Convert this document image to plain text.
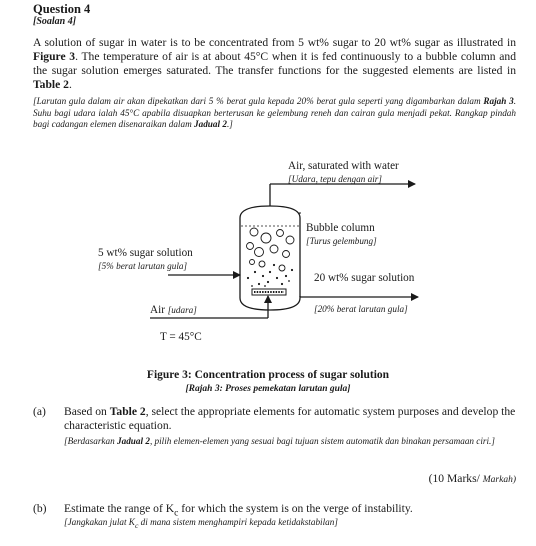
Question 4
[Soalan 4]
A solution of sugar in water is to be concentrated from 5 wt% sugar to 20 wt% sugar as illustrated in Figure 3. The temperature of air is at about 45°C when it is fed continuously to a bubble column and the sugar solution emerges saturated. The transfer functions for the suggested elements are listed in Table 2.
[Larutan gula dalam air akan dipekatkan dari 5 % berat gula kepada 20% berat gula seperti yang digambarkan dalam Rajah 3. Suhu bagi udara ialah 45°C apabila disuapkan berterusan ke gelembung reneh dan cairan gula menjadi pekat. Rangkap pindah bagi cadangan elemen disenaraikan dalam Jadual 2.]
Air, saturated with water
[Udara, tepu dengan air]
Bubble column
[Turus gelembung]
5 wt% sugar solution
[5% berat larutan gula]
20 wt% sugar solution
[20% berat larutan gula]
Air [udara]
T = 45°C
Figure 3: Concentration process of sugar solution
[Rajah 3: Proses pemekatan larutan gula]
(a) Based on Table 2, select the appropriate elements for automatic system purposes and develop the characteristic equation.
[Berdasarkan Jadual 2, pilih elemen-elemen yang sesuai bagi tujuan sistem automatik dan binakan persamaan ciri.]
(10 Marks/ Markah)
(b) Estimate the range of $K_c$ for which the system is on the verge of instability.
[Jangkakan julat $K_c$ di mana sistem menghampiri kepada ketidakstabilan]
